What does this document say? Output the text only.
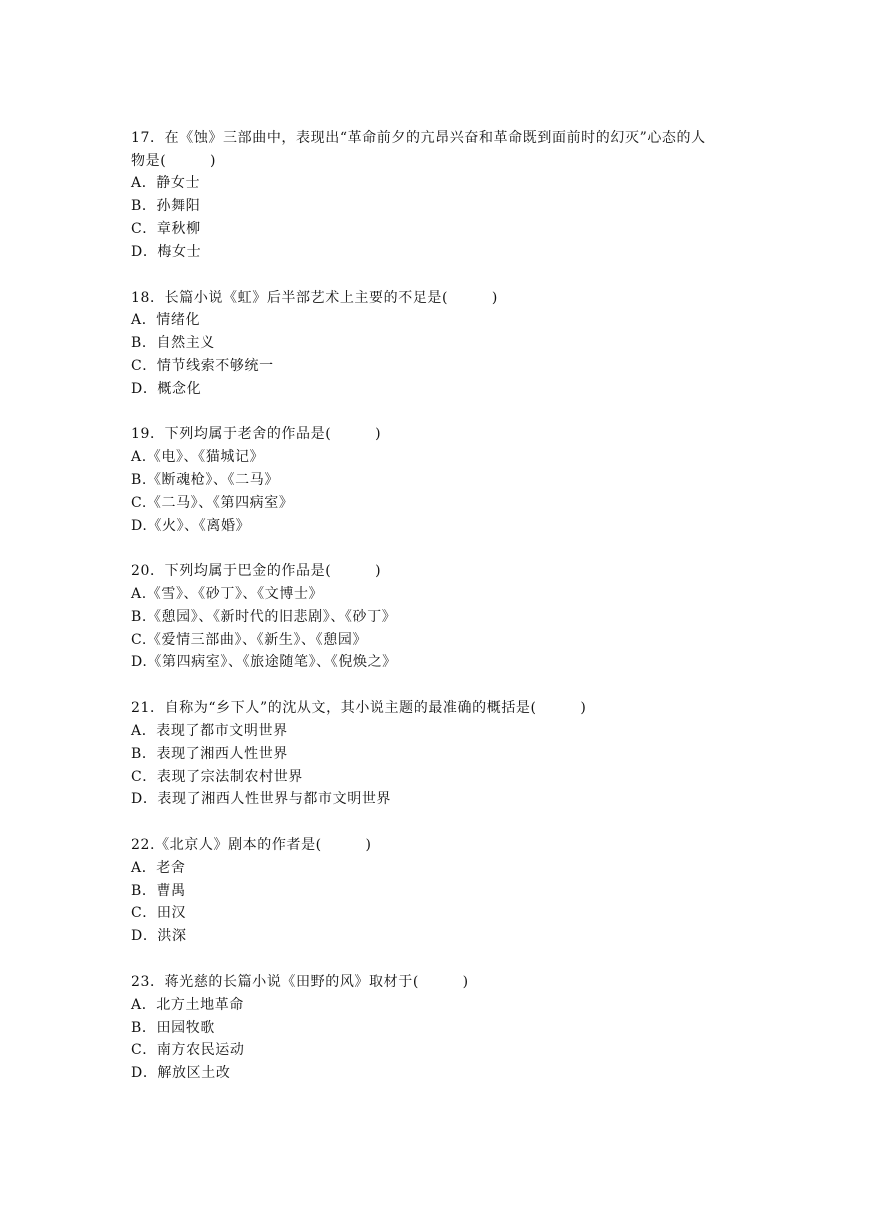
17．在《蚀》三部曲中，表现出“革命前夕的亢昂兴奋和革命既到面前时的幻灭”心态的人
物是(　　　)
A．静女士
B．孙舞阳
C．章秋柳
D．梅女士
18．长篇小说《虹》后半部艺术上主要的不足是(　　　)
A．情绪化
B．自然主义
C．情节线索不够统一
D．概念化
19．下列均属于老舍的作品是(　　　)
A.《电》、《猫城记》
B.《断魂枪》、《二马》
C.《二马》、《第四病室》
D.《火》、《离婚》
20．下列均属于巴金的作品是(　　　)
A.《雪》、《砂丁》、《文博士》
B.《憩园》、《新时代的旧悲剧》、《砂丁》
C.《爱情三部曲》、《新生》、《憩园》
D.《第四病室》、《旅途随笔》、《倪焕之》
21．自称为“乡下人”的沈从文，其小说主题的最准确的概括是(　　　)
A．表现了都市文明世界
B．表现了湘西人性世界
C．表现了宗法制农村世界
D．表现了湘西人性世界与都市文明世界
22.《北京人》剧本的作者是(　　　)
A．老舍
B．曹禺
C．田汉
D．洪深
23．蒋光慈的长篇小说《田野的风》取材于(　　　)
A．北方土地革命
B．田园牧歌
C．南方农民运动
D．解放区土改
